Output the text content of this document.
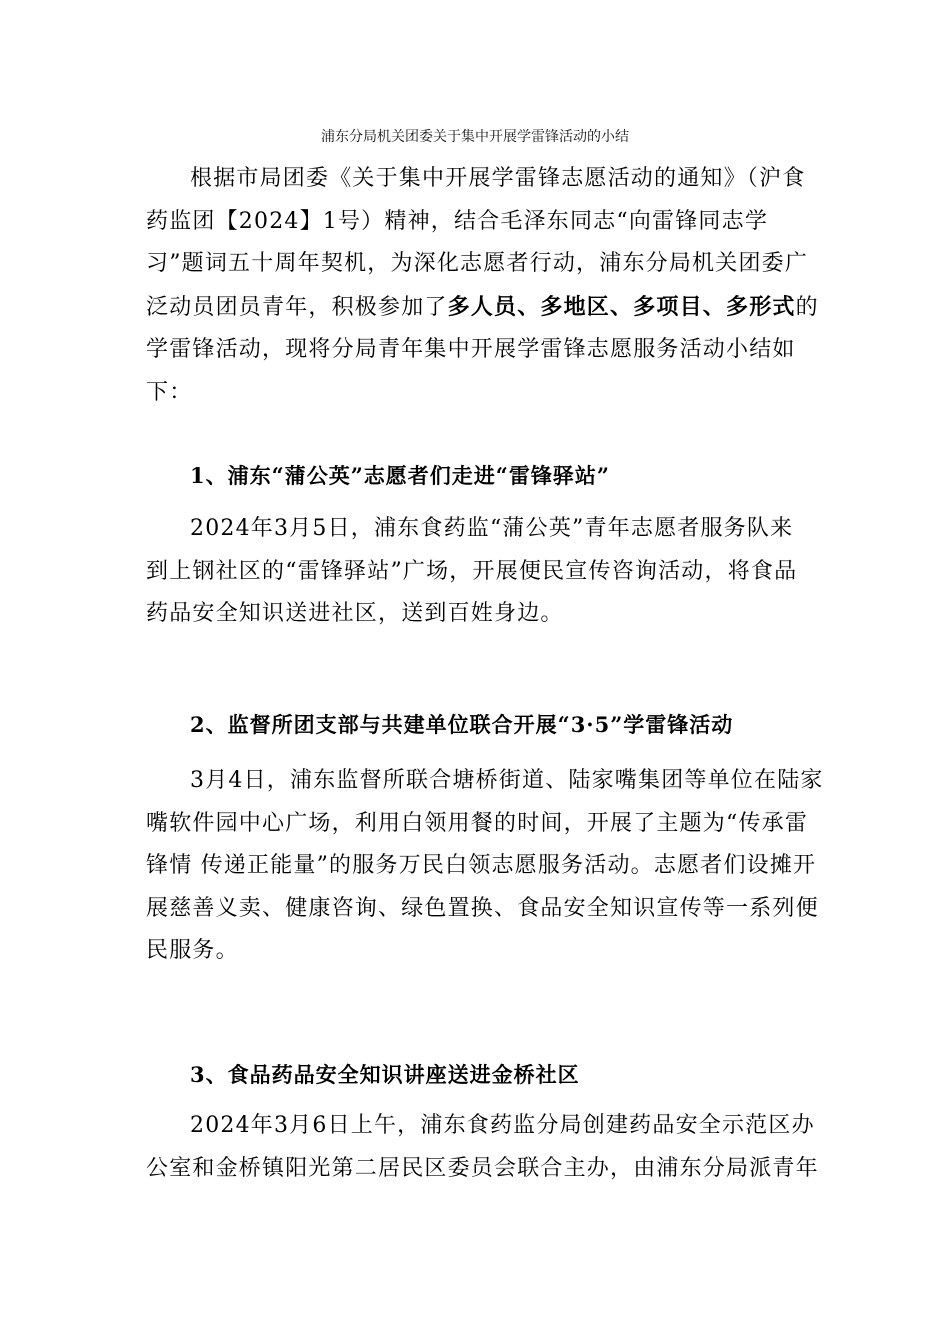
浦东分局机关团委关于集中开展学雷锋活动的小结
根据市局团委《关于集中开展学雷锋志愿活动的通知》（沪食
药监团【2024】1号）精神，结合毛泽东同志“向雷锋同志学
习”题词五十周年契机，为深化志愿者行动，浦东分局机关团委广
泛动员团员青年，积极参加了多人员、多地区、多项目、多形式的
学雷锋活动，现将分局青年集中开展学雷锋志愿服务活动小结如
下：
1、浦东“蒲公英”志愿者们走进“雷锋驿站”
2024年3月5日，浦东食药监“蒲公英”青年志愿者服务队来
到上钢社区的“雷锋驿站”广场，开展便民宣传咨询活动，将食品
药品安全知识送进社区，送到百姓身边。
2、监督所团支部与共建单位联合开展“3·5”学雷锋活动
3月4日，浦东监督所联合塘桥街道、陆家嘴集团等单位在陆家
嘴软件园中心广场，利用白领用餐的时间，开展了主题为“传承雷
锋情 传递正能量”的服务万民白领志愿服务活动。志愿者们设摊开
展慈善义卖、健康咨询、绿色置换、食品安全知识宣传等一系列便
民服务。
3、食品药品安全知识讲座送进金桥社区
2024年3月6日上午，浦东食药监分局创建药品安全示范区办
公室和金桥镇阳光第二居民区委员会联合主办，由浦东分局派青年
